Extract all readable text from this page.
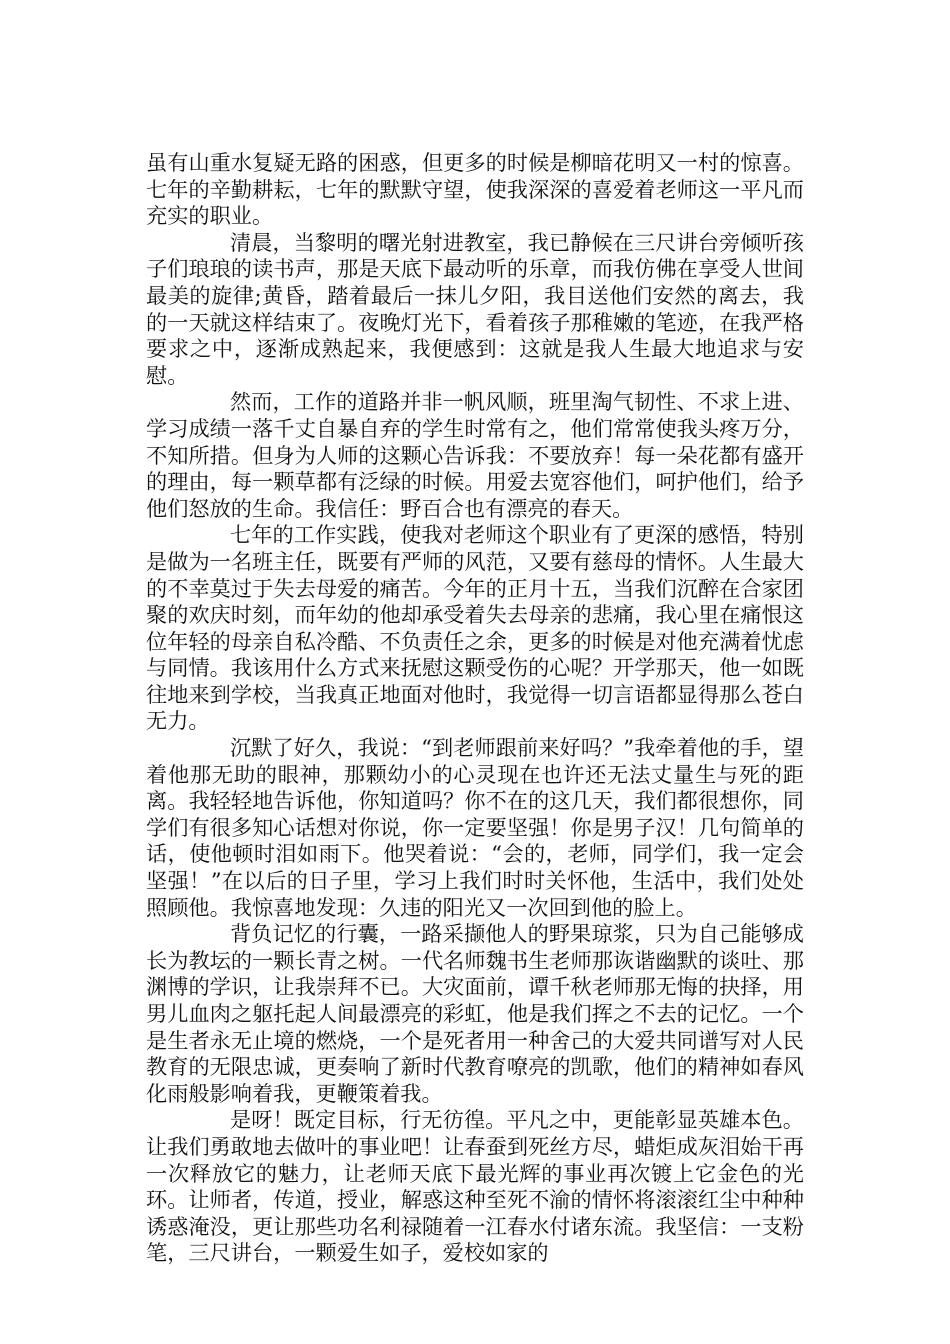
虽有山重水复疑无路的困惑，但更多的时候是柳暗花明又一村的惊喜。七年的辛勤耕耘，七年的默默守望，使我深深的喜爱着老师这一平凡而充实的职业。

清晨，当黎明的曙光射进教室，我已静候在三尺讲台旁倾听孩子们琅琅的读书声，那是天底下最动听的乐章，而我仿佛在享受人世间最美的旋律;黄昏，踏着最后一抹儿夕阳，我目送他们安然的离去，我的一天就这样结束了。夜晚灯光下，看着孩子那稚嫩的笔迹，在我严格要求之中，逐渐成熟起来，我便感到：这就是我人生最大地追求与安慰。

然而，工作的道路并非一帆风顺，班里淘气韧性、不求上进、学习成绩一落千丈自暴自弃的学生时常有之，他们常常使我头疼万分，不知所措。但身为人师的这颗心告诉我：不要放弃！每一朵花都有盛开的理由，每一颗草都有泛绿的时候。用爱去宽容他们，呵护他们，给予他们怒放的生命。我信任：野百合也有漂亮的春天。

七年的工作实践，使我对老师这个职业有了更深的感悟，特别是做为一名班主任，既要有严师的风范，又要有慈母的情怀。人生最大的不幸莫过于失去母爱的痛苦。今年的正月十五，当我们沉醉在合家团聚的欢庆时刻，而年幼的他却承受着失去母亲的悲痛，我心里在痛恨这位年轻的母亲自私冷酷、不负责任之余，更多的时候是对他充满着忧虑与同情。我该用什么方式来抚慰这颗受伤的心呢？开学那天，他一如既往地来到学校，当我真正地面对他时，我觉得一切言语都显得那么苍白无力。

沉默了好久，我说：“到老师跟前来好吗？”我牵着他的手，望着他那无助的眼神，那颗幼小的心灵现在也许还无法丈量生与死的距离。我轻轻地告诉他，你知道吗？你不在的这几天，我们都很想你，同学们有很多知心话想对你说，你一定要坚强！你是男子汉！几句简单的话，使他顿时泪如雨下。他哭着说：“会的，老师，同学们，我一定会坚强！”在以后的日子里，学习上我们时时关怀他，生活中，我们处处照顾他。我惊喜地发现：久违的阳光又一次回到他的脸上。

背负记忆的行囊，一路采撷他人的野果琼浆，只为自己能够成长为教坛的一颗长青之树。一代名师魏书生老师那诙谐幽默的谈吐、那渊博的学识，让我崇拜不已。大灾面前，谭千秋老师那无悔的抉择，用男儿血肉之躯托起人间最漂亮的彩虹，他是我们挥之不去的记忆。一个是生者永无止境的燃烧，一个是死者用一种舍己的大爱共同谱写对人民教育的无限忠诚，更奏响了新时代教育嘹亮的凯歌，他们的精神如春风化雨般影响着我，更鞭策着我。

是呀！既定目标，行无彷徨。平凡之中，更能彰显英雄本色。让我们勇敢地去做叶的事业吧！让春蚕到死丝方尽，蜡炬成灰泪始干再一次释放它的魅力，让老师天底下最光辉的事业再次镀上它金色的光环。让师者，传道，授业，解惑这种至死不渝的情怀将滚滚红尘中种种诱惑淹没，更让那些功名利禄随着一江春水付诸东流。我坚信：一支粉笔，三尺讲台，一颗爱生如子，爱校如家的
